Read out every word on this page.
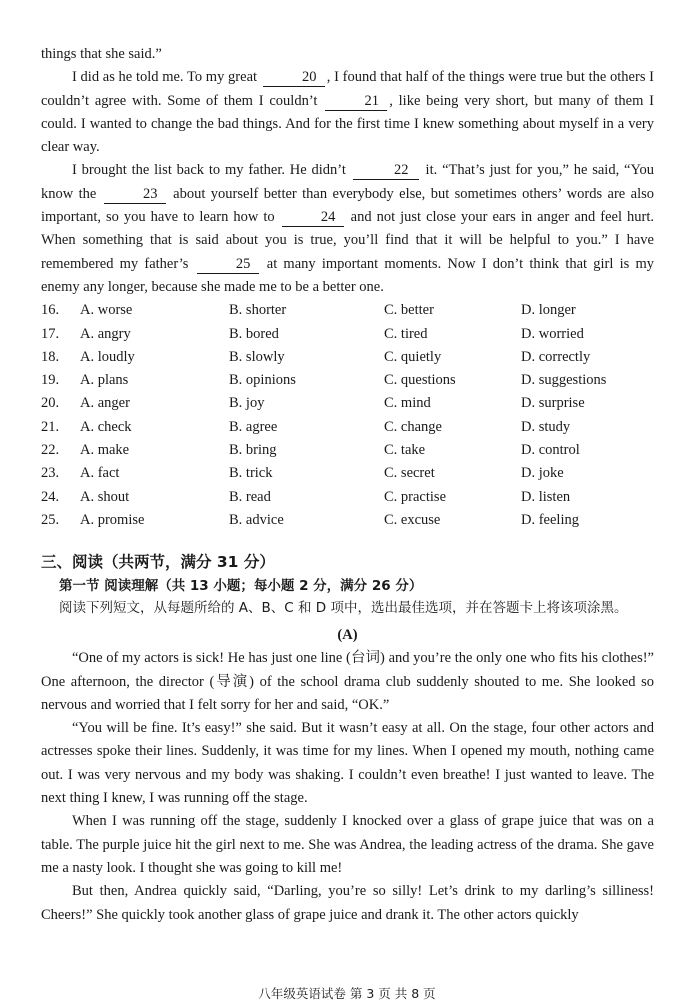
things that she said.”

I did as he told me. To my great	20 , I found that half of the things were true but the others I couldn’t agree with. Some of them I couldn’t	21 , like being very short, but many of them I could. I wanted to change the bad things. And for the first time I knew something about myself in a very clear way.

I brought the list back to my father. He didn’t	22 it. “That’s just for you,” he said, “You know the	23 about yourself better than everybody else, but sometimes others’ words are also important, so you have to learn how to	24 and not just close your ears in anger and feel hurt. When something that is said about you is true, you’ll find that it will be helpful to you.” I have remembered my father’s	25 at many important moments. Now I don’t think that girl is my enemy any longer, because she made me to be a better one.

16.	A. worse	B. shorter	C. better	D. longer
17.	A. angry	B. bored	C. tired	D. worried
18.	A. loudly	B. slowly	C. quietly	D. correctly
19.	A. plans	B. opinions	C. questions	D. suggestions
20.	A. anger	B. joy	C. mind	D. surprise
21.	A. check	B. agree	C. change	D. study
22.	A. make	B. bring	C. take	D. control
23.	A. fact	B. trick	C. secret	D. joke
24.	A. shout	B. read	C. practise	D. listen
25.	A. promise	B. advice	C. excuse	D. feeling
三、阅读（共两节，满分 31 分）
第一节 阅读理解（共 13 小题；每小题 2 分，满分 26 分）

阅读下列短文，从每题所给的 A、B、C 和 D 项中，选出最佳选项，并在答题卡上将该项涂黑。

(A)

“One of my actors is sick! He has just one line (台词) and you’re the only one who fits his clothes!” One afternoon, the director (导演) of the school drama club suddenly shouted to me. She looked so nervous and worried that I felt sorry for her and said, “OK.”

“You will be fine. It’s easy!” she said. But it wasn’t easy at all. On the stage, four other actors and actresses spoke their lines. Suddenly, it was time for my lines. When I opened my mouth, nothing came out. I was very nervous and my body was shaking. I couldn’t even breathe! I just wanted to leave. The next thing I knew, I was running off the stage.

When I was running off the stage, suddenly I knocked over a glass of grape juice that was on a table. The purple juice hit the girl next to me. She was Andrea, the leading actress of the drama. She gave me a nasty look. I thought she was going to kill me!

But then, Andrea quickly said, “Darling, you’re so silly! Let’s drink to my darling’s silliness! Cheers!” She quickly took another glass of grape juice and drank it. The other actors quickly

八年级英语试卷 第 3 页 共 8 页
